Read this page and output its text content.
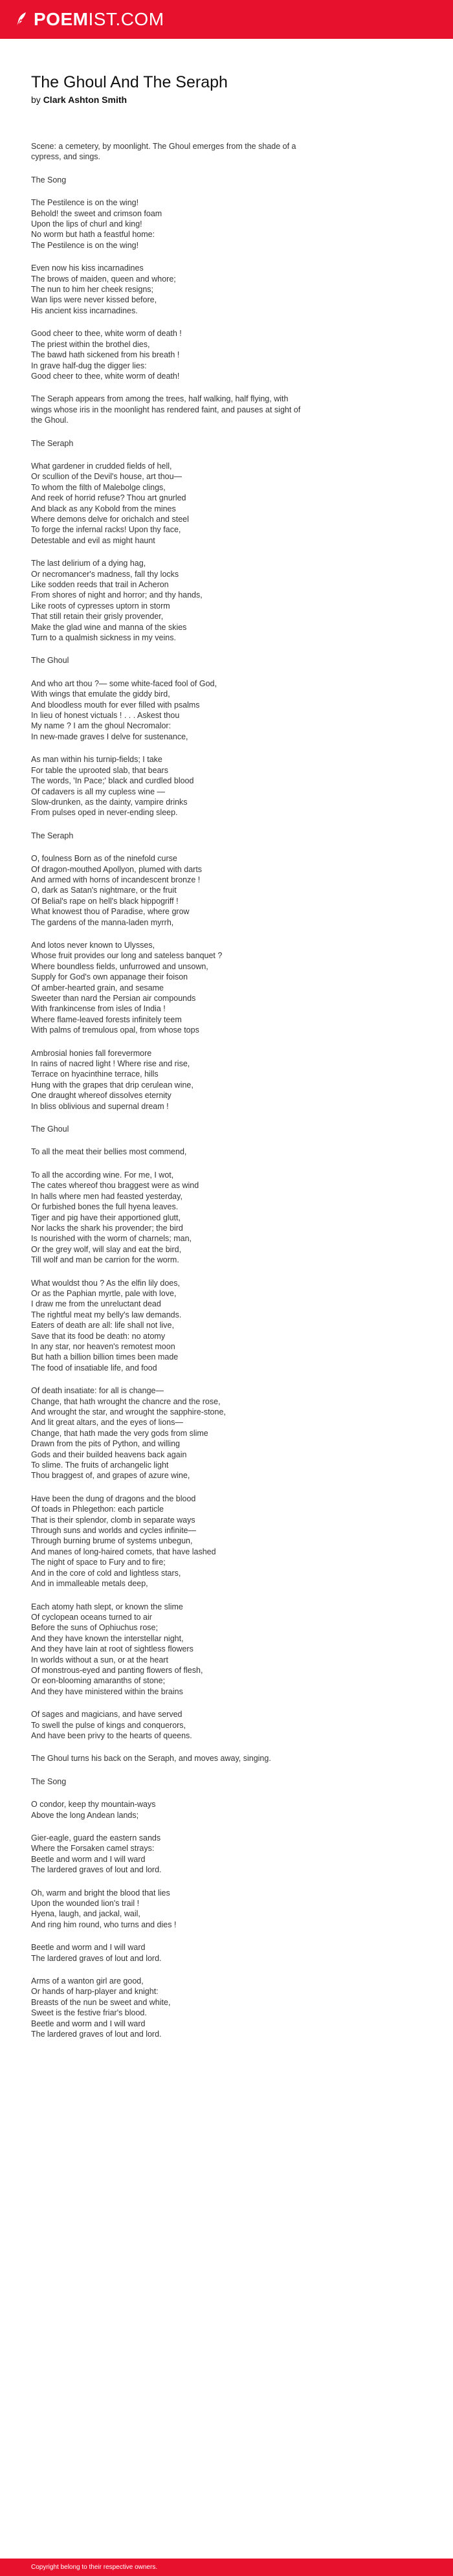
POEMIST.COM
The Ghoul And The Seraph
by Clark Ashton Smith
Scene: a cemetery, by moonlight. The Ghoul emerges from the shade of a
cypress, and sings.
The Song
The Pestilence is on the wing!
Behold! the sweet and crimson foam
Upon the lips of churl and king!
No worm but hath a feastful home:
The Pestilence is on the wing!
Even now his kiss incarnadines
The brows of maiden, queen and whore;
The nun to him her cheek resigns;
Wan lips were never kissed before,
His ancient kiss incarnadines.
Good cheer to thee, white worm of death !
The priest within the brothel dies,
The bawd hath sickened from his breath !
In grave half-dug the digger lies:
Good cheer to thee, white worm of death!
The Seraph appears from among the trees, half walking, half flying, with
wings whose iris in the moonlight has rendered faint, and pauses at sight of
the Ghoul.
The Seraph
What gardener in crudded fields of hell,
Or scullion of the Devil's house, art thou—
To whom the filth of Malebolge clings,
And reek of horrid refuse? Thou art gnurled
And black as any Kobold from the mines
Where demons delve for orichalch and steel
To forge the infernal racks! Upon thy face,
Detestable and evil as might haunt
The last delirium of a dying hag,
Or necromancer's madness, fall thy locks
Like sodden reeds that trail in Acheron
From shores of night and horror; and thy hands,
Like roots of cypresses uptorn in storm
That still retain their grisly provender,
Make the glad wine and manna of the skies
Turn to a qualmish sickness in my veins.
The Ghoul
And who art thou ?— some white-faced fool of God,
With wings that emulate the giddy bird,
And bloodless mouth for ever filled with psalms
In lieu of honest victuals ! . . . Askest thou
My name ? I am the ghoul Necromalor:
In new-made graves I delve for sustenance,
As man within his turnip-fields; I take
For table the uprooted slab, that bears
The words, 'In Pace;' black and curdled blood
Of cadavers is all my cupless wine —
Slow-drunken, as the dainty, vampire drinks
From pulses oped in never-ending sleep.
The Seraph
O, foulness Born as of the ninefold curse
Of dragon-mouthed Apollyon, plumed with darts
And armed with horns of incandescent bronze !
O, dark as Satan's nightmare, or the fruit
Of Belial's rape on hell's black hippogriff !
What knowest thou of Paradise, where grow
The gardens of the manna-laden myrrh,
And lotos never known to Ulysses,
Whose fruit provides our long and sateless banquet ?
Where boundless fields, unfurrowed and unsown,
Supply for God's own appanage their foison
Of amber-hearted grain, and sesame
Sweeter than nard the Persian air compounds
With frankincense from isles of India !
Where flame-leaved forests infinitely teem
With palms of tremulous opal, from whose tops
Ambrosial honies fall forevermore
In rains of nacred light ! Where rise and rise,
Terrace on hyacinthine terrace, hills
Hung with the grapes that drip cerulean wine,
One draught whereof dissolves eternity
In bliss oblivious and supernal dream !
The Ghoul
To all the meat their bellies most commend,
To all the according wine. For me, I wot,
The cates whereof thou braggest were as wind
In halls where men had feasted yesterday,
Or furbished bones the full hyena leaves.
Tiger and pig have their apportioned glutt,
Nor lacks the shark his provender; the bird
Is nourished with the worm of charnels; man,
Or the grey wolf, will slay and eat the bird,
Till wolf and man be carrion for the worm.
What wouldst thou ? As the elfin lily does,
Or as the Paphian myrtle, pale with love,
I draw me from the unreluctant dead
The rightful meat my belly's law demands.
Eaters of death are all: life shall not live,
Save that its food be death: no atomy
In any star, nor heaven's remotest moon
But hath a billion billion times been made
The food of insatiable life, and food
Of death insatiate: for all is change—
Change, that hath wrought the chancre and the rose,
And wrought the star, and wrought the sapphire-stone,
And lit great altars, and the eyes of lions—
Change, that hath made the very gods from slime
Drawn from the pits of Python, and willing
Gods and their builded heavens back again
To slime. The fruits of archangelic light
Thou braggest of, and grapes of azure wine,
Have been the dung of dragons and the blood
Of toads in Phlegethon: each particle
That is their splendor, clomb in separate ways
Through suns and worlds and cycles infinite—
Through burning brume of systems unbegun,
And manes of long-haired comets, that have lashed
The night of space to Fury and to fire;
And in the core of cold and lightless stars,
And in immalleable metals deep,
Each atomy hath slept, or known the slime
Of cyclopean oceans turned to air
Before the suns of Ophiuchus rose;
And they have known the interstellar night,
And they have lain at root of sightless flowers
In worlds without a sun, or at the heart
Of monstrous-eyed and panting flowers of flesh,
Or eon-blooming amaranths of stone;
And they have ministered within the brains
Of sages and magicians, and have served
To swell the pulse of kings and conquerors,
And have been privy to the hearts of queens.
The Ghoul turns his back on the Seraph, and moves away, singing.
The Song
O condor, keep thy mountain-ways
Above the long Andean lands;
Gier-eagle, guard the eastern sands
Where the Forsaken camel strays:
Beetle and worm and I will ward
The lardered graves of lout and lord.
Oh, warm and bright the blood that lies
Upon the wounded lion's trail !
Hyena, laugh, and jackal, wail,
And ring him round, who turns and dies !
Beetle and worm and I will ward
The lardered graves of lout and lord.
Arms of a wanton girl are good,
Or hands of harp-player and knight:
Breasts of the nun be sweet and white,
Sweet is the festive friar's blood.
Beetle and worm and I will ward
The lardered graves of lout and lord.
Copyright belong to their respective owners.
